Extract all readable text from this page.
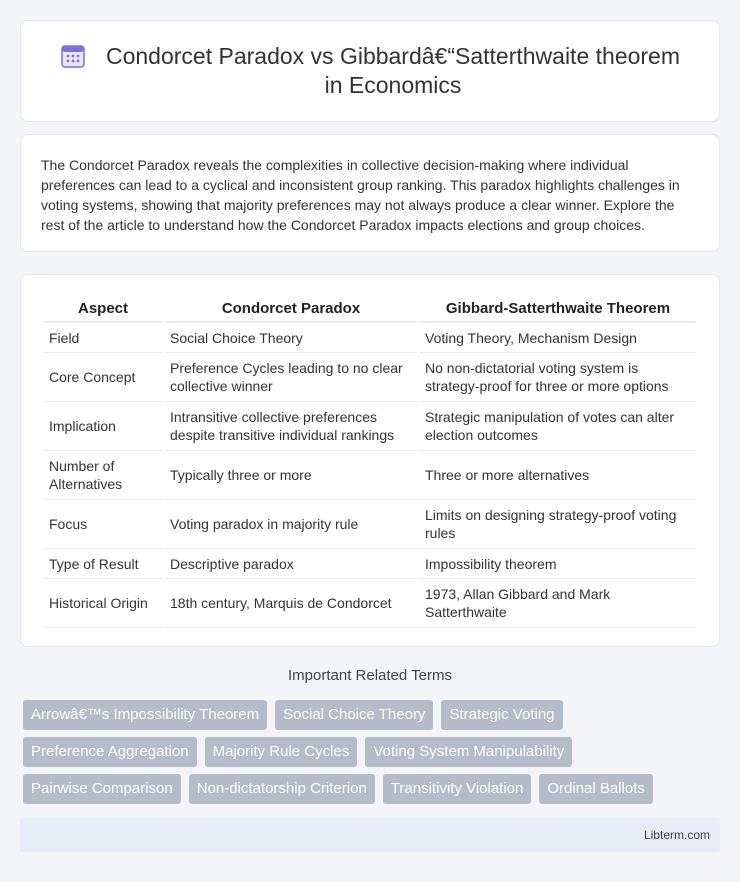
Condorcet Paradox vs Gibbardâ€“Satterthwaite theorem
in Economics

The Condorcet Paradox reveals the complexities in collective decision-making where individual preferences can lead to a cyclical and inconsistent group ranking. This paradox highlights challenges in voting systems, showing that majority preferences may not always produce a clear winner. Explore the rest of the article to understand how the Condorcet Paradox impacts elections and group choices.

Aspect	Condorcet Paradox	Gibbard-Satterthwaite Theorem
Field	Social Choice Theory	Voting Theory, Mechanism Design
Core Concept	Preference Cycles leading to no clear collective winner	No non-dictatorial voting system is strategy-proof for three or more options
Implication	Intransitive collective preferences despite transitive individual rankings	Strategic manipulation of votes can alter election outcomes
Number of Alternatives	Typically three or more	Three or more alternatives
Focus	Voting paradox in majority rule	Limits on designing strategy-proof voting rules
Type of Result	Descriptive paradox	Impossibility theorem
Historical Origin	18th century, Marquis de Condorcet	1973, Allan Gibbard and Mark Satterthwaite
Important Related Terms
Arrowâ€™s Impossibility Theorem	Social Choice Theory	Strategic Voting
Preference Aggregation	Majority Rule Cycles	Voting System Manipulability
Pairwise Comparison	Non-dictatorship Criterion	Transitivity Violation	Ordinal Ballots
Libterm.com
